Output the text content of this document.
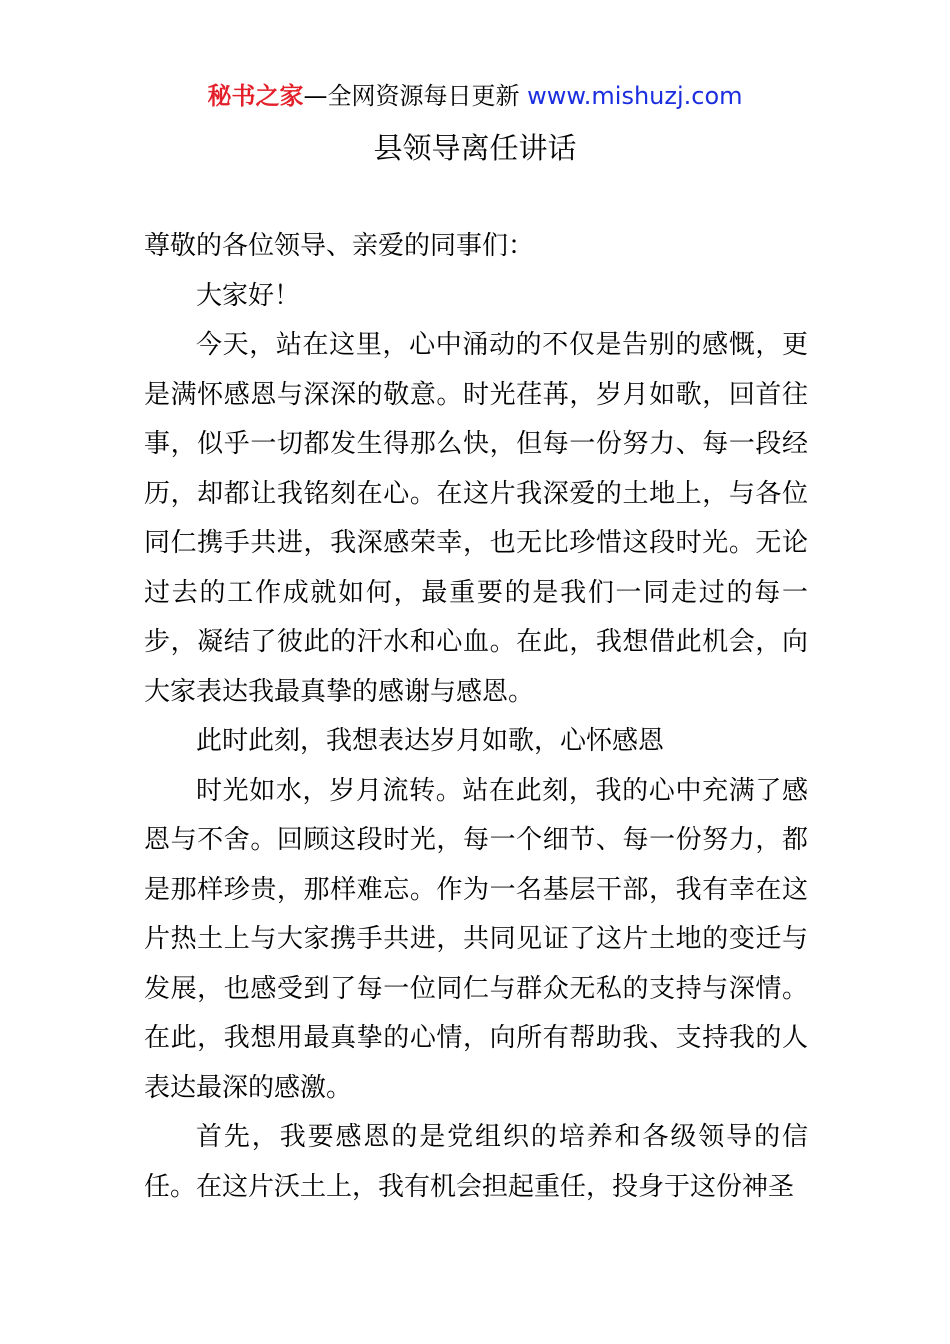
秘书之家—全网资源每日更新 www.mishuzj.com
县领导离任讲话

尊敬的各位领导、亲爱的同事们：

大家好！

今天，站在这里，心中涌动的不仅是告别的感慨，更是满怀感恩与深深的敬意。时光荏苒，岁月如歌，回首往事，似乎一切都发生得那么快，但每一份努力、每一段经历，却都让我铭刻在心。在这片我深爱的土地上，与各位同仁携手共进，我深感荣幸，也无比珍惜这段时光。无论过去的工作成就如何，最重要的是我们一同走过的每一步，凝结了彼此的汗水和心血。在此，我想借此机会，向大家表达我最真挚的感谢与感恩。

此时此刻，我想表达岁月如歌，心怀感恩

时光如水，岁月流转。站在此刻，我的心中充满了感恩与不舍。回顾这段时光，每一个细节、每一份努力，都是那样珍贵，那样难忘。作为一名基层干部，我有幸在这片热土上与大家携手共进，共同见证了这片土地的变迁与发展，也感受到了每一位同仁与群众无私的支持与深情。在此，我想用最真挚的心情，向所有帮助我、支持我的人表达最深的感激。

首先，我要感恩的是党组织的培养和各级领导的信任。在这片沃土上，我有机会担起重任，投身于这份神圣
